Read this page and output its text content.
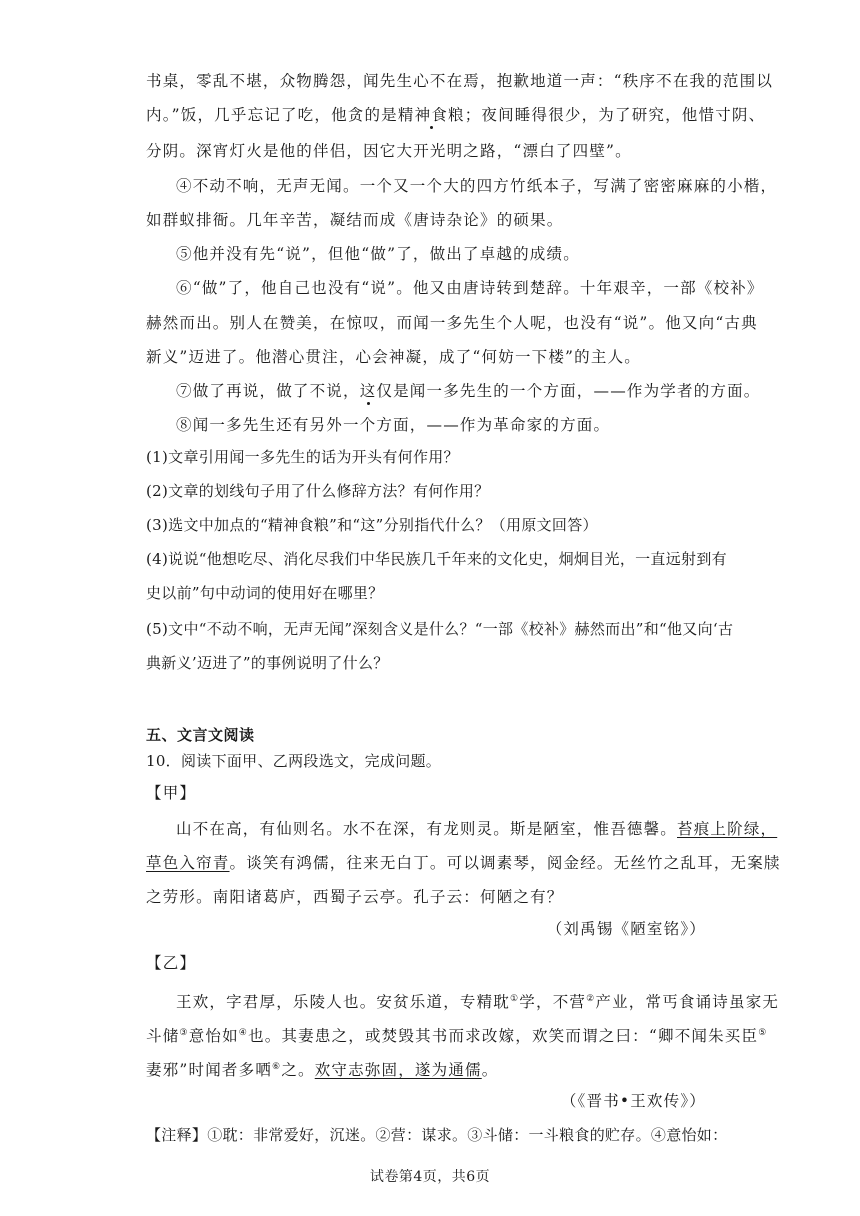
书桌，零乱不堪，众物腾怨，闻先生心不在焉，抱歉地道一声：“秩序不在我的范围以
内。”饭，几乎忘记了吃，他贪的是精神食粮；夜间睡得很少，为了研究，他惜寸阴、
分阴。深宵灯火是他的伴侣，因它大开光明之路，“漂白了四壁”。
④不动不响，无声无闻。一个又一个大的四方竹纸本子，写满了密密麻麻的小楷，
如群蚁排衙。几年辛苦，凝结而成《唐诗杂论》的硕果。
⑤他并没有先“说”，但他“做”了，做出了卓越的成绩。
⑥“做”了，他自己也没有“说”。他又由唐诗转到楚辞。十年艰辛，一部《校补》
赫然而出。别人在赞美，在惊叹，而闻一多先生个人呢，也没有“说”。他又向“古典
新义”迈进了。他潜心贯注，心会神凝，成了“何妨一下楼”的主人。
⑦做了再说，做了不说，这仅是闻一多先生的一个方面，——作为学者的方面。
⑧闻一多先生还有另外一个方面，——作为革命家的方面。
(1)文章引用闻一多先生的话为开头有何作用？
(2)文章的划线句子用了什么修辞方法？有何作用？
(3)选文中加点的“精神食粮”和“这”分别指代什么？（用原文回答）
(4)说说“他想吃尽、消化尽我们中华民族几千年来的文化史，炯炯目光，一直远射到有
史以前”句中动词的使用好在哪里？
(5)文中“不动不响，无声无闻”深刻含义是什么？“一部《校补》赫然而出”和“他又向‘古
典新义’迈进了”的事例说明了什么？
五、文言文阅读
10．阅读下面甲、乙两段选文，完成问题。
【甲】
山不在高，有仙则名。水不在深，有龙则灵。斯是陋室，惟吾德馨。苔痕上阶绿，
草色入帘青。谈笑有鸿儒，往来无白丁。可以调素琴，阅金经。无丝竹之乱耳，无案牍
之劳形。南阳诸葛庐，西蜀子云亭。孔子云：何陋之有？
（刘禹锡《陋室铭》）
【乙】
王欢，字君厚，乐陵人也。安贫乐道，专精耽①学，不营②产业，常丐食诵诗虽家无
斗储③意怡如④也。其妻患之，或焚毁其书而求改嫁，欢笑而谓之曰：“卿不闻朱买臣⑤
妻邪”时闻者多哂⑥之。欢守志弥固，遂为通儒。
（《晋书•王欢传》）
【注释】①耽：非常爱好，沉迷。②营：谋求。③斗储：一斗粮食的贮存。④意怡如：
试卷第4页，共6页
